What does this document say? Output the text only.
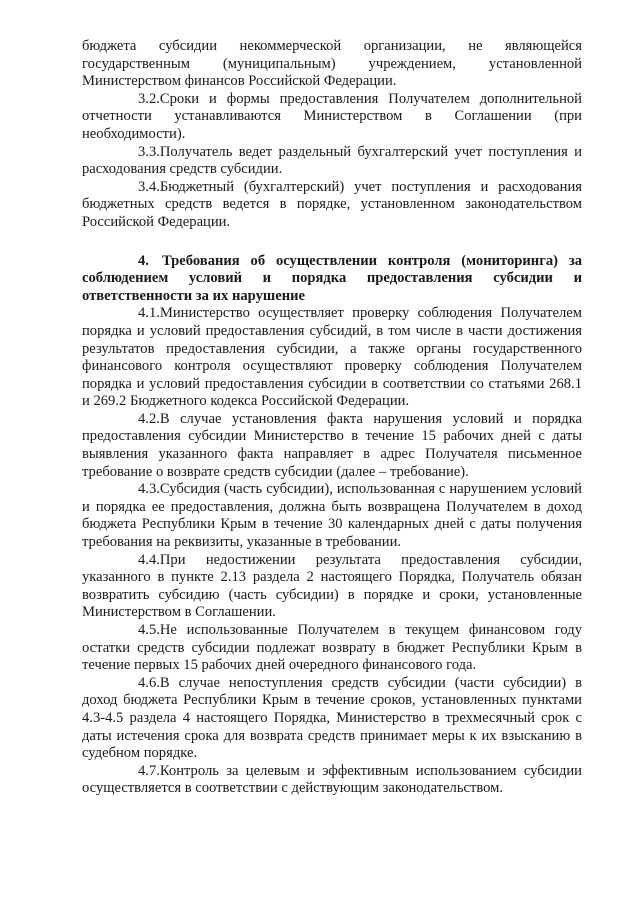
бюджета субсидии некоммерческой организации, не являющейся государственным (муниципальным) учреждением, установленной Министерством финансов Российской Федерации.

3.2.Сроки и формы предоставления Получателем дополнительной отчетности устанавливаются Министерством в Соглашении (при необходимости).

3.3.Получатель ведет раздельный бухгалтерский учет поступления и расходования средств субсидии.

3.4.Бюджетный (бухгалтерский) учет поступления и расходования бюджетных средств ведется в порядке, установленном законодательством Российской Федерации.

4. Требования об осуществлении контроля (мониторинга) за соблюдением условий и порядка предоставления субсидии и ответственности за их нарушение

4.1.Министерство осуществляет проверку соблюдения Получателем порядка и условий предоставления субсидий, в том числе в части достижения результатов предоставления субсидии, а также органы государственного финансового контроля осуществляют проверку соблюдения Получателем порядка и условий предоставления субсидии в соответствии со статьями 268.1 и 269.2 Бюджетного кодекса Российской Федерации.

4.2.В случае установления факта нарушения условий и порядка предоставления субсидии Министерство в течение 15 рабочих дней с даты выявления указанного факта направляет в адрес Получателя письменное требование о возврате средств субсидии (далее – требование).

4.3.Субсидия (часть субсидии), использованная с нарушением условий и порядка ее предоставления, должна быть возвращена Получателем в доход бюджета Республики Крым в течение 30 календарных дней с даты получения требования на реквизиты, указанные в требовании.

4.4.При недостижении результата предоставления субсидии, указанного в пункте 2.13 раздела 2 настоящего Порядка, Получатель обязан возвратить субсидию (часть субсидии) в порядке и сроки, установленные Министерством в Соглашении.

4.5.Не использованные Получателем в текущем финансовом году остатки средств субсидии подлежат возврату в бюджет Республики Крым в течение первых 15 рабочих дней очередного финансового года.

4.6.В случае непоступления средств субсидии (части субсидии) в доход бюджета Республики Крым в течение сроков, установленных пунктами 4.3-4.5 раздела 4 настоящего Порядка, Министерство в трехмесячный срок с даты истечения срока для возврата средств принимает меры к их взысканию в судебном порядке.

4.7.Контроль за целевым и эффективным использованием субсидии осуществляется в соответствии с действующим законодательством.
